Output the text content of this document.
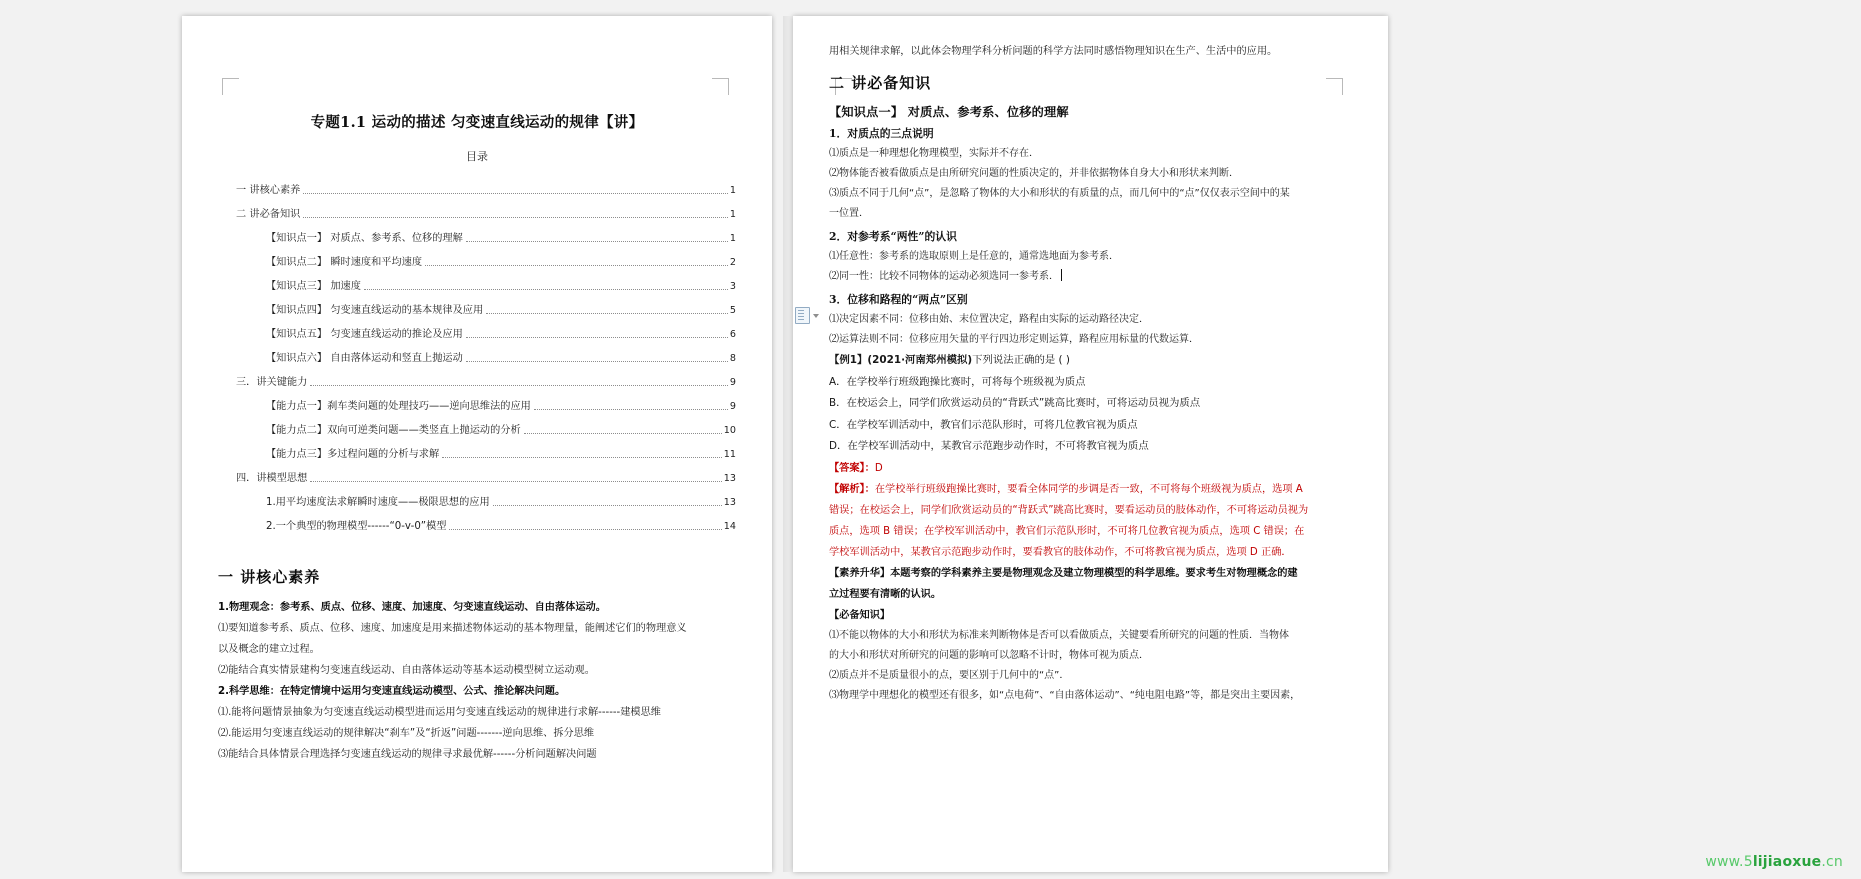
专题1.1 运动的描述 匀变速直线运动的规律【讲】
目录
一 讲核心素养	1
二 讲必备知识	1
【知识点一】 对质点、参考系、位移的理解	1
【知识点二】 瞬时速度和平均速度	2
【知识点三】 加速度	3
【知识点四】 匀变速直线运动的基本规律及应用	5
【知识点五】 匀变速直线运动的推论及应用	6
【知识点六】 自由落体运动和竖直上抛运动	8
三．讲关键能力	9
【能力点一】刹车类问题的处理技巧——逆向思维法的应用	9
【能力点二】双向可逆类问题——类竖直上抛运动的分析	10
【能力点三】多过程问题的分析与求解	11
四．讲模型思想	13
1.用平均速度法求解瞬时速度——极限思想的应用	13
2.一个典型的物理模型------“0-v-0”模型	14
一 讲核心素养

1.物理观念：参考系、质点、位移、速度、加速度、匀变速直线运动、自由落体运动。

⑴要知道参考系、质点、位移、速度、加速度是用来描述物体运动的基本物理量，能阐述它们的物理意义

以及概念的建立过程。

⑵能结合真实情景建构匀变速直线运动、自由落体运动等基本运动模型树立运动观。

2.科学思维：在特定情境中运用匀变速直线运动模型、公式、推论解决问题。

⑴.能将问题情景抽象为匀变速直线运动模型进而运用匀变速直线运动的规律进行求解------建模思维

⑵.能运用匀变速直线运动的规律解决“刹车”及“折返”问题-------逆向思维、拆分思维

⑶能结合具体情景合理选择匀变速直线运动的规律寻求最优解------分析问题解决问题

用相关规律求解，以此体会物理学科分析问题的科学方法同时感悟物理知识在生产、生活中的应用。

二 讲必备知识
【知识点一】 对质点、参考系、位移的理解
1．对质点的三点说明

⑴质点是一种理想化物理模型，实际并不存在．

⑵物体能否被看做质点是由所研究问题的性质决定的，并非依据物体自身大小和形状来判断．

⑶质点不同于几何“点”，是忽略了物体的大小和形状的有质量的点，而几何中的“点”仅仅表示空间中的某

一位置．

2．对参考系“两性”的认识

⑴任意性：参考系的选取原则上是任意的，通常选地面为参考系．

⑵同一性：比较不同物体的运动必须选同一参考系．

3．位移和路程的“两点”区别

⑴决定因素不同：位移由始、末位置决定，路程由实际的运动路径决定．

⑵运算法则不同：位移应用矢量的平行四边形定则运算，路程应用标量的代数运算．

【例1】(2021·河南郑州模拟)下列说法正确的是 ( )

A．在学校举行班级跑操比赛时，可将每个班级视为质点

B．在校运会上，同学们欣赏运动员的“背跃式”跳高比赛时，可将运动员视为质点

C．在学校军训活动中，教官们示范队形时，可将几位教官视为质点

D．在学校军训活动中，某教官示范跑步动作时，不可将教官视为质点

【答案】：D

【解析】：在学校举行班级跑操比赛时，要看全体同学的步调是否一致，不可将每个班级视为质点，选项 A

错误；在校运会上，同学们欣赏运动员的“背跃式”跳高比赛时，要看运动员的肢体动作，不可将运动员视为

质点，选项 B 错误；在学校军训活动中，教官们示范队形时，不可将几位教官视为质点，选项 C 错误；在

学校军训活动中，某教官示范跑步动作时，要看教官的肢体动作，不可将教官视为质点，选项 D 正确．

【素养升华】本题考察的学科素养主要是物理观念及建立物理模型的科学思维。要求考生对物理概念的建

立过程要有清晰的认识。

【必备知识】

⑴不能以物体的大小和形状为标准来判断物体是否可以看做质点，关键要看所研究的问题的性质．当物体

的大小和形状对所研究的问题的影响可以忽略不计时，物体可视为质点．

⑵质点并不是质量很小的点，要区别于几何中的“点”．

⑶物理学中理想化的模型还有很多，如“点电荷”、“自由落体运动”、“纯电阻电路”等，都是突出主要因素，

www.5lijiaoxue.cn
